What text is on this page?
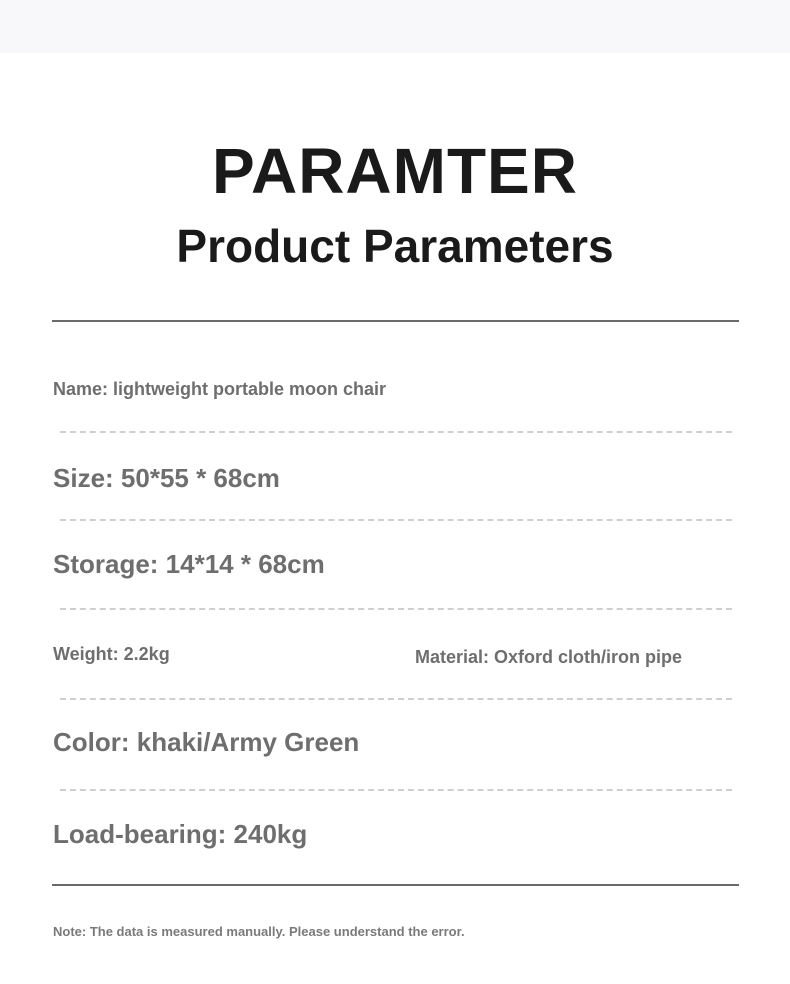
PARAMTER
Product Parameters
Name: lightweight portable moon chair
Size: 50*55 * 68cm
Storage: 14*14 * 68cm
Weight: 2.2kg	Material: Oxford cloth/iron pipe
Color: khaki/Army Green
Load-bearing: 240kg
Note: The data is measured manually. Please understand the error.
